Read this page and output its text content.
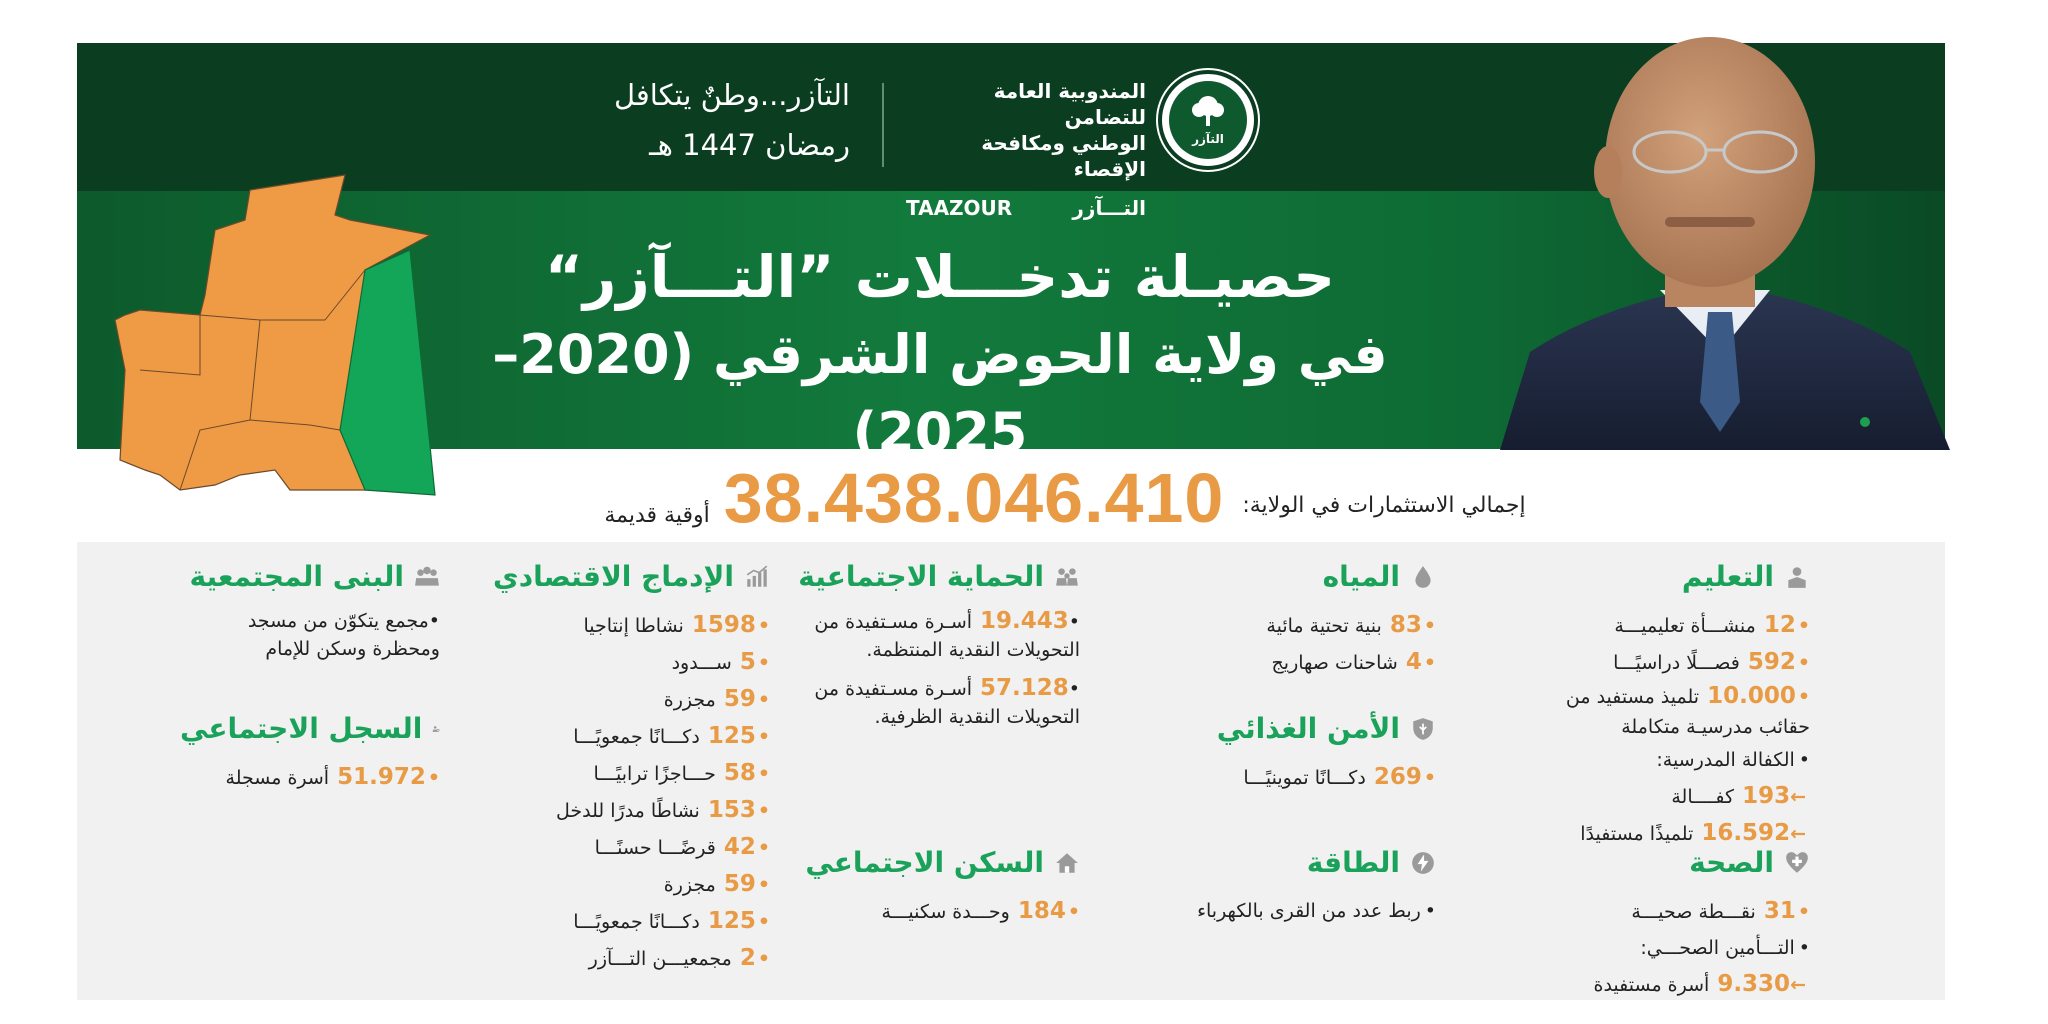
التآزر...وطنٌ يتكافل
رمضان 1447 هـ
المندوبية العامة للتضامن
الوطني ومكافحة الإقصاء
TAAZOUR	التـــآزر
التآزر
حصيـلة تدخـــلات ”التـــآزر“
في ولاية الحوض الشرقي (2020–2025)
إجمالي الاستثمارات في الولاية:
38.438.046.410
أوقية قديمة
التعليم
•12منشـــأة تعليميـــة
•592فصـــلًا دراسيًـــا
•10.000تلميذ مستفيد من حقائب مدرسيـة متكاملة
•الكفالة المدرسية:
←193كفــــالة
←16.592تلميذًا مستفيدًا
الصحة
•31نقـــطة صحيـــة
•التـــأمين الصحـــي:
←9.330أسرة مستفيدة
المياه
•83بنية تحتية مائية
•4شاحنات صهاريج
الأمن الغذائي
•269دكـــانًا تموينيًـــا
الطاقة
•ربط عدد من القرى بالكهرباء
الحماية الاجتماعية
•19.443أسـرة مسـتفيدة من التحويلات النقدية المنتظمة.
•57.128أسـرة مسـتفيدة من التحويلات النقدية الظرفية.
السكن الاجتماعي
•184وحـــدة سكنيـــة
الإدماج الاقتصادي
•1598نشاطا إنتاجيا
•5ســـدود
•59مجزرة
•125دكـــانًا جمعويًـــا
•58حـــاجزًا ترابيًـــا
•153نشاطًا مدرًا للدخل
•42قرضًـــا حسنًـــا
•59مجزرة
•125دكـــانًا جمعويًـــا
•2مجمعيـــن التـــآزر
البنى المجتمعية
•مجمع يتكوّن من مسجد ومحظرة وسكن للإمام
السجل الاجتماعي
•51.972أسرة مسجلة
